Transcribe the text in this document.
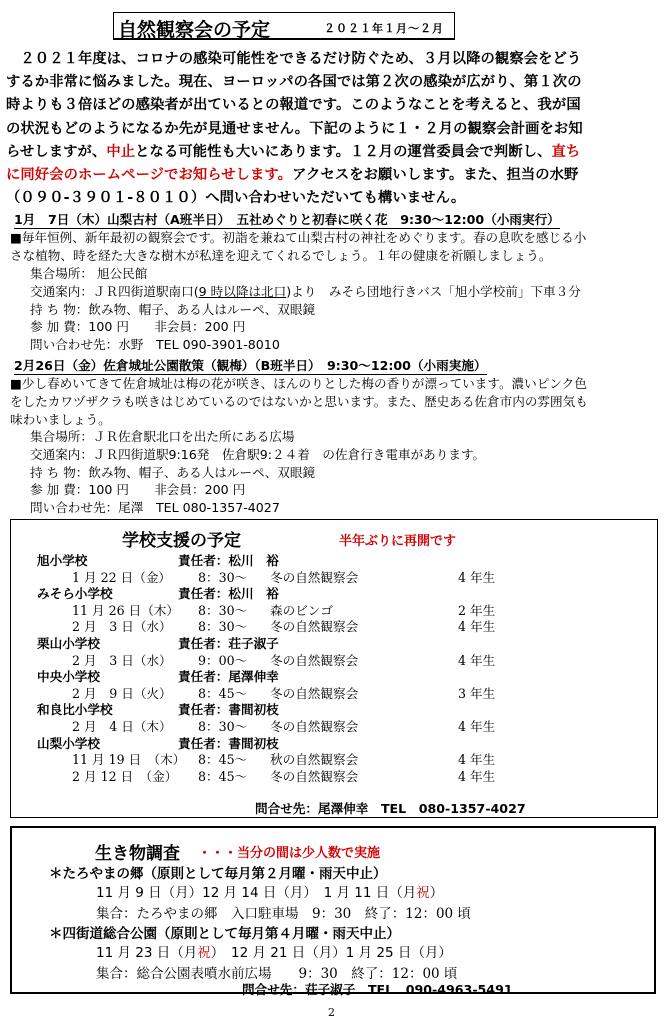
自然観察会の予定	２０２１年１月～２月

　２０２１年度は、コロナの感染可能性をできるだけ防ぐため、３月以降の観察会をどう

するか非常に悩みました。現在、ヨーロッパの各国では第２次の感染が広がり、第１次の

時よりも３倍ほどの感染者が出ているとの報道です。このようなことを考えると、我が国

の状況もどのようになるか先が見通せません。下記のように１・２月の観察会計画をお知

らせしますが、中止となる可能性も大いにあります。１２月の運営委員会で判断し、直ち

に同好会のホームページでお知らせします。アクセスをお願いします。また、担当の水野

（０９０-３９０１-８０１０）へ問い合わせいただいても構いません。

1月　7日（木）山梨古村（A班半日）　五社めぐりと初春に咲く花　9:30～12:00（小雨実行）
■毎年恒例、新年最初の観察会です。初詣を兼ねて山梨古村の神社をめぐります。春の息吹を感じる小
さな植物、時を経た大きな樹木が私達を迎えてくれるでしょう。１年の健康を祈願しましょう。
集合場所： 旭公民館
交通案内：ＪＲ四街道駅南口(9 時以降は北口)より　みそら団地行きバス「旭小学校前」下車３分
持 ち 物：飲み物、帽子、ある人はルーペ、双眼鏡
参 加 費：100 円　　非会員：200 円
問い合わせ先：水野　TEL 090-3901-8010
2月26日（金）佐倉城址公園散策（観梅）（B班半日）　9:30～12:00（小雨実施）
■少し春めいてきて佐倉城址は梅の花が咲き、ほんのりとした梅の香りが漂っています。濃いピンク色
をしたカワヅザクラも咲きはじめているのではないかと思います。また、歴史ある佐倉市内の雰囲気も
味わいましょう。
集合場所：ＪＲ佐倉駅北口を出た所にある広場
交通案内：ＪＲ四街道駅9:16発　佐倉駅9:２４着　の佐倉行き電車があります。
持 ち 物：飲み物、帽子、ある人はルーペ、双眼鏡
参 加 費：100 円　　非会員：200 円
問い合わせ先：尾澤　TEL 080-1357-4027
学校支援の予定	半年ぶりに再開です
旭小学校	責任者：松川　裕
1 月 22 日（金） 8：30～ 冬の自然観察会	4 年生
みそら小学校	責任者：松川　裕
11 月 26 日（木） 8：30～ 森のビンゴ	2 年生
2 月　3 日（水） 8：30～ 冬の自然観察会	4 年生
栗山小学校	責任者：荘子淑子
2 月　3 日（水） 9：00～ 冬の自然観察会	4 年生
中央小学校	責任者：尾澤伸幸
2 月　9 日（火） 8：45～ 冬の自然観察会	3 年生
和良比小学校	責任者：書間初枝
2 月　4 日（木） 8：30～ 冬の自然観察会	4 年生
山梨小学校	責任者：書間初枝
11 月 19 日　（木） 8：45～ 秋の自然観察会	4 年生
2 月 12 日　（金） 8：45～ 冬の自然観察会	4 年生
問合せ先：尾澤伸幸　TEL　080-1357-4027
生き物調査 ・・・当分の間は少人数で実施
＊たろやまの郷（原則として毎月第２月曜・雨天中止）
11 月 9 日（月）12 月 14 日（月）　1 月 11 日（月祝）
集合：たろやまの郷　入口駐車場　9：30　終了：12：00 頃
＊四街道総合公園（原則として毎月第４月曜・雨天中止）
11 月 23 日（月祝）　12 月 21 日（月）1 月 25 日（月）
集合：総合公園表噴水前広場　　9：30　終了：12：00 頃
問合せ先：荘子淑子　TEL　090-4963-5491
2
